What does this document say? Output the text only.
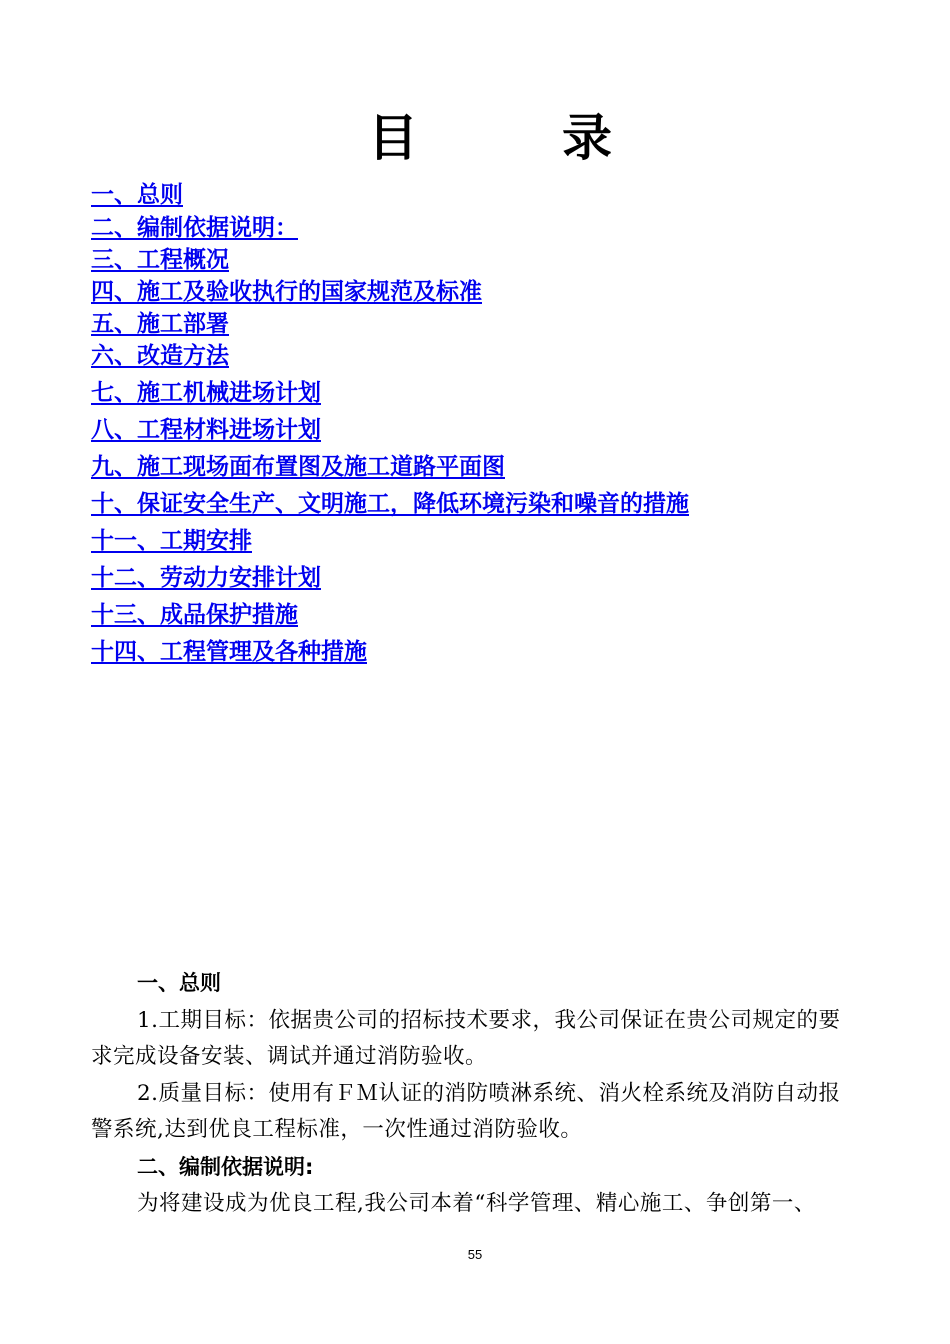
目	录
一、总则
二、编制依据说明：
三、工程概况
四、施工及验收执行的国家规范及标准
五、施工部署
六、改造方法
七、施工机械进场计划
八、工程材料进场计划
九、施工现场面布置图及施工道路平面图
十、保证安全生产、文明施工，降低环境污染和噪音的措施
十一、工期安排
十二、劳动力安排计划
十三、成品保护措施
十四、工程管理及各种措施
一、总则
1.工期目标：依据贵公司的招标技术要求，我公司保证在贵公司规定的要求完成设备安装、调试并通过消防验收。
2.质量目标：使用有ＦＭ认证的消防喷淋系统、消火栓系统及消防自动报警系统,达到优良工程标准，一次性通过消防验收。
二、编制依据说明:
为将建设成为优良工程,我公司本着“科学管理、精心施工、争创第一、
55
